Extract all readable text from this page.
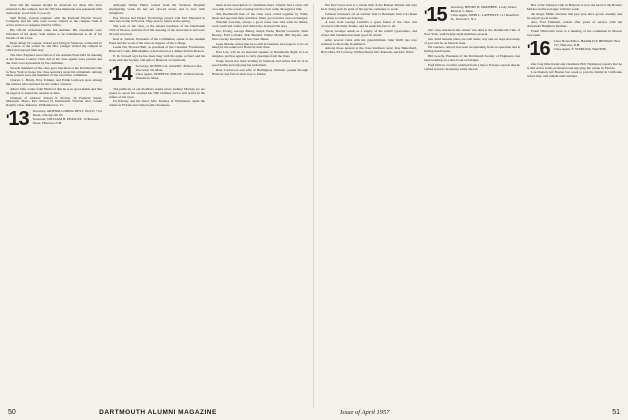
Next fall the reunion should be observed for those who have returned to the campus, and the '08 class memorial was presented with dedication. Good luck to you all.

Sam Noble, veteran engineer with the Portland Electric Power Company and his wife were recent visitors to the campus. Sam is active in the Los Angeles District Office.

His official retirement came last summer. His classmates were informed of his plans. Sam wishes to be remembered to all of his friends of the Class.

Dean Albert H. Ganger, retired and living in Vermont, writes that in the course of the winter he and Mrs. Ganger visited the campus in 1954 and enjoyed their stay.

The New England Association of the Alumni Fund held its meeting at the Nassau Country Club. All of the class agents were present and the class was represented by the chairman.

Several members of the class gave luncheon at the Dartmouth Club in New York to honor the class secretary upon his retirement. Among those present were the members of the executive committee.

Charles L. Brady, Ezra Tolman, and Eddie Leibrock were among the visitors who returned for the winter carnival.

Albert Jaffe writes from Hartford that he is in good health and that he expects to attend the reunion in June.

Changes of address: Robert P. Brown, 50 Fremont Street, Mattapan, Mass.; Rev. Robert D. Dartmouth, Whittier Ave., Grand Rapids; Chas. Marston, Williamstown, Vt.

'13	Secretary, ARTHUR LORING BEST. 1022 E. 71st Street, Chicago 49, Ill.
Treasurer, WILLIAM H. PEASLEE, 12 Pleasant Street, Hanover, N.H.

Although Walter Haley retired from the Vermont Hospital engineering work, he has not slowed down, and is now with Wingfield.

Pop Warren and Parker Trowbridge joined with Earl Maynard in their new home in Florida. They plan to return in the spring.

The sons of the class, at the annual luncheon of the Dartmouth Club of Boston, held the first fall meeting of the Association and were all well received.

Karl A. Nelson, President of the Committee, spoke of the Alumni Fund and the work of the class in support of the College.

Leslie Ott, Howard Bell, as president of the Customer Foundation, Hanover's Club, Philadelphia, was honored at a dinner held in Boston.

E. D. Joswell says he has been busy with his apple orchard and his work with the Society, and gets to Hanover occasionally.

'14	Secretary, RUSSELL R. ADAMS. 40 Rector Rd., Worcester 56, Mass.
Class Agent, JOSEPH R. BOLDT. 14 Main Street, Wakefield, Mass.

The publicity of our members seems never ending! Mackay we are proud to report has reached his 70th birthday and is still active in the affairs of his town.

Ed Kinsley and his sister, Mrs. Kinsley of Winchester, spent the winter in Florida and visited with classmates.

ment in the description of conditions there. Charlie had a close call on a ship at the ocean crossing but the crew came through for him.

The Dartmouth men of the class were called together by Wally Dean and reported their activities. Many good stories were exchanged.

Wendell Lorraine, always a good cause who tells what he thinks, went south last winter and visited the Jacksonville area.

Doc Ewing, George Bailey, Ralph Wade, Harold Goodwin, Dick Horsey, Fred Colburn, Bob Bennett, Walter Marsh, Bill Snyder, and Dan Cawley attended the last class dinner.

Gene Marine writes that he is still in business and expects to be on hand for the reunion in Hanover next June.

Earl Lew will be an honored speaker at Dartmouth Night in Los Angeles, and has agreed to carry greetings from the class.

Judge Storrs has been visiting in Vermont and writes that he is in good health and enjoying his retirement.

Russ Lockwood and wife of Burlington, Vermont, passed through Hanover last fall on their way to Maine.

50	DARTMOUTH ALUMNI MAGAZINE

Del Dev's here now is a whole mail at the Bonner Market and says he is doing well. In spite of his age he continues to work.

Johnson Johnson's oil on another visit to Bermuda with Carl Dann and plans to return each spring.

A note from George Lindall's a great friend of the class was received with many thanks, and he sends his best to all.

Sprod Granger sends us a supply of his rebuilt typewriters, and writes that business has been good all winter.

After several visits with his grandchildren John Webb has now returned to his home in Amherst.

Among those present at the class luncheon were: Ray Butterfield, Bob Little, Ed Conway, Sid Raymond, Doc Ransom, and Doc Ward.

'15	Secretary, HENRY B. ORMSBEE. 2 Gay Street, Beverly 5, Mass.
Class Agent, JOHN L. LAFFERTY. 111 Deerfield St., Newark 5, N.J.

Our class luncheon this winter was held at the Dartmouth Club of New York, with twenty-eight members present.

Our 42nd reunion plans are well under way and we hope that many of you will be on hand in June.

Pat Gannon, retired, has been recuperating from an operation and is feeling much better.

Bill Gowdy, President of the Dartmouth Society of Engineers, has been working on a new book on bridges.

Fred Dolton, recently returned from a trip to Europe, reports that he visited several classmates while abroad.

Bur of the Johnson Club in Hanover is now the head of the Bonner Market and he is happy with the work.

the Roger Miller interests this past year have grown steadily and he reports good results.

Also Fred Dunham, retired after years of service with the Alexander Hamilton Institute.

Frank Whitcomb went to a meeting of his committee in Boston last week.

'16	Class Notes Editor, HAROLD P. HINMAN. Box 157, Hanover, N.H.
Class Agent, F. STERLING WALSHE.

Our long time friend and classmate Bob Thompson reports that he is still active in his profession and enjoying the winter in Florida.

Lou Daniels left Boston last week to join his family in California where they will remain until summer.

Issue of April 1957	51
